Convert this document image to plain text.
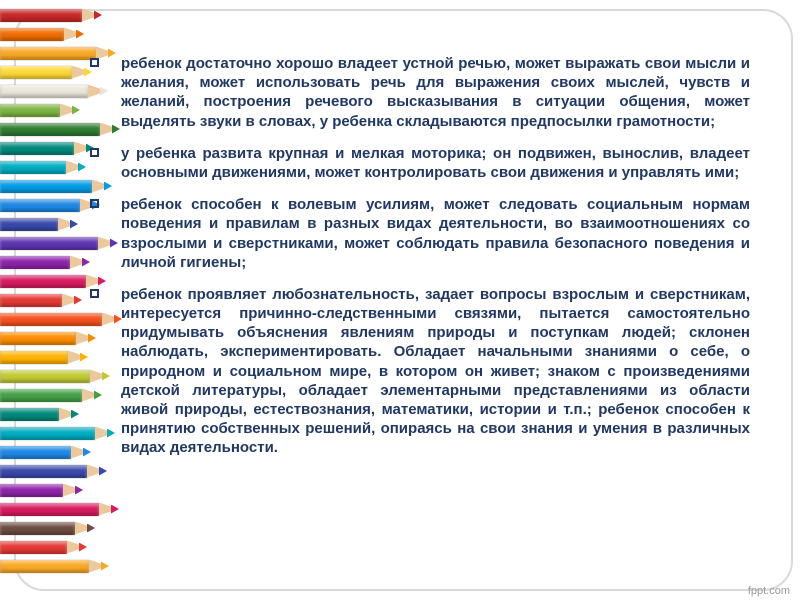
ребенок достаточно хорошо владеет устной речью, может выражать свои мысли и желания, может использовать речь для выражения своих мыслей, чувств и желаний, построения речевого высказывания в ситуации общения, может выделять звуки в словах, у ребенка складываются предпосылки грамотности;
у ребенка развита крупная и мелкая моторика; он подвижен, вынослив, владеет основными движениями, может контролировать свои движения и управлять ими;
ребенок способен к волевым усилиям, может следовать социальным нормам поведения и правилам в разных видах деятельности, во взаимоотношениях со взрослыми и сверстниками, может соблюдать правила безопасного поведения и личной гигиены;
ребенок проявляет любознательность, задает вопросы взрослым и сверстникам, интересуется причинно-следственными связями, пытается самостоятельно придумывать объяснения явлениям природы и поступкам людей; склонен наблюдать, экспериментировать. Обладает начальными знаниями о себе, о природном и социальном мире, в котором он живет; знаком с произведениями детской литературы, обладает элементарными представлениями из области живой природы, естествознания, математики, истории и т.п.; ребенок способен к принятию собственных решений, опираясь на свои знания и умения в различных видах деятельности.
fppt.com
